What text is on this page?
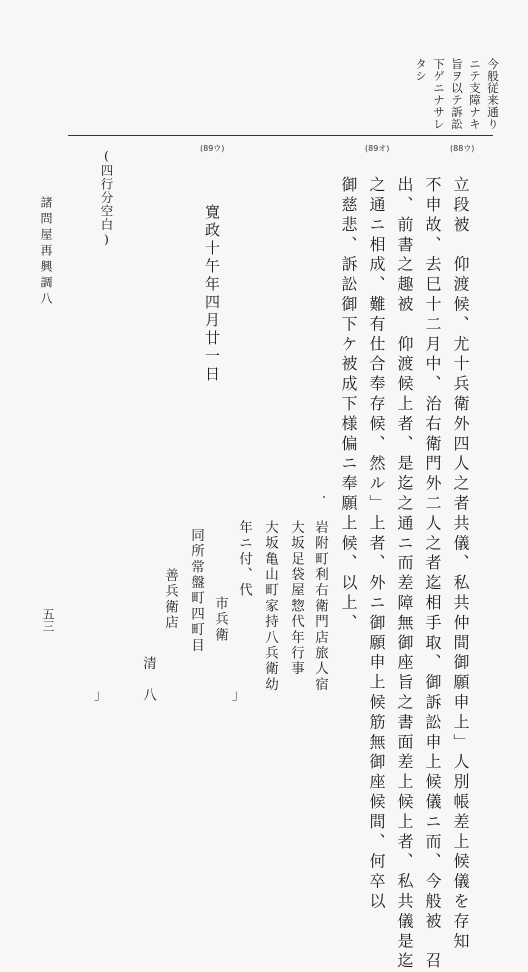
今般従来通り
ニテ支障ナキ
旨ヲ以テ訴訟
下ゲニナサレ
タシ
(88ウ)
(89オ)
(89ウ)
立段被　仰渡候、尤十兵衛外四人之者共儀、私共仲間御願申上」人別帳差上候儀を存知
不申故、去巳十二月中、治右衛門外二人之者迄相手取、御訴訟申上候儀ニ而、今般被　召
出、前書之趣被　仰渡候上者、是迄之通ニ而差障無御座旨之書面差上候上者、私共儀是迄
之通ニ相成、難有仕合奉存候、然ル」上者、外ニ御願申上候筋無御座候間、何卒以
御慈悲、訴訟御下ケ被成下様偏ニ奉願上候、以上、
岩附町利右衛門店旅人宿
大坂足袋屋惣代年行事
大坂亀山町家持八兵衛幼
年ニ付、代
市兵衛
同所常盤町四町目
善兵衛店
清　八	」
」
寛政十午年四月廿一日
(四行分空白)
諸問屋再興調八
五三
